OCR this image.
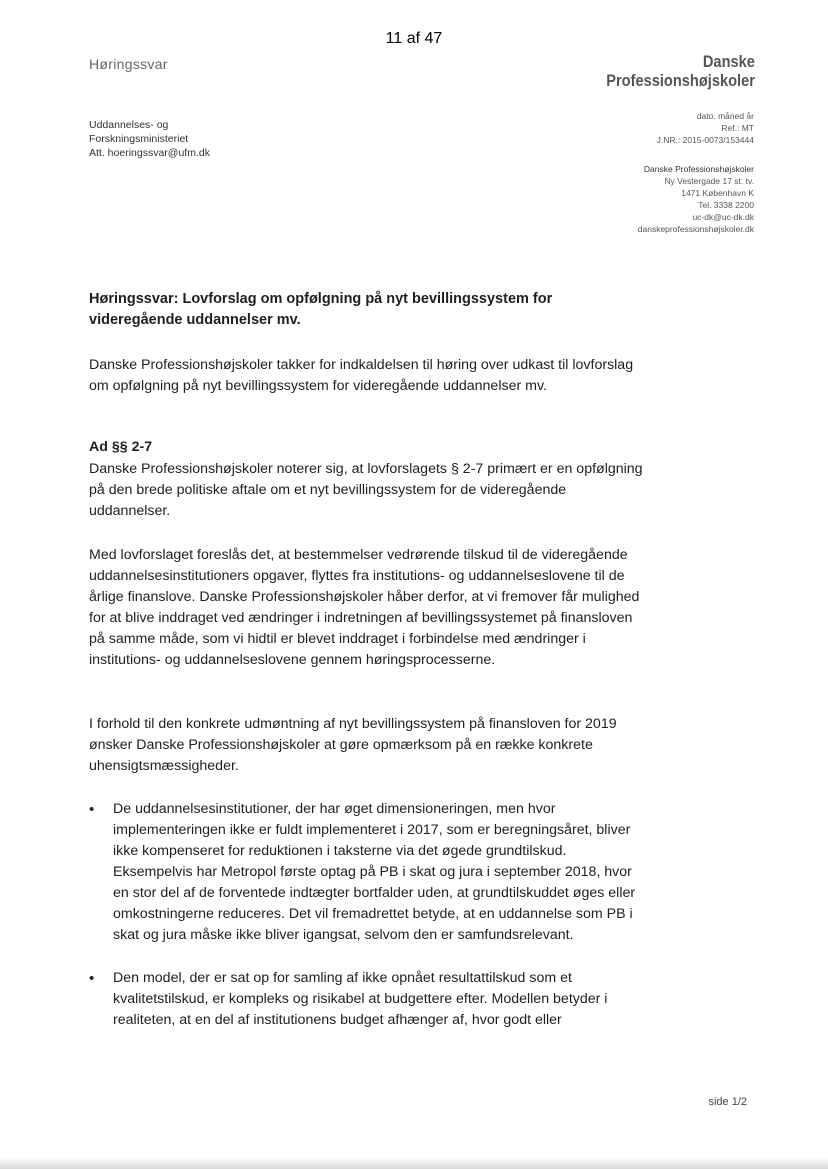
11 af 47
Høringssvar	Danske
Professionshøjskoler
Uddannelses- og
Forskningsministeriet
Att. hoeringssvar@ufm.dk
dato. måned år
Ref.: MT
J.NR.: 2015-0073/153444
Danske Professionshøjskoler
Ny Vestergade 17 st. tv.
1471 København K
Tel. 3338 2200
uc-dk@uc-dk.dk
danskeprofessionshøjskoler.dk
Høringssvar: Lovforslag om opfølgning på nyt bevillingssystem for videregående uddannelser mv.
Danske Professionshøjskoler takker for indkaldelsen til høring over udkast til lovforslag om opfølgning på nyt bevillingssystem for videregående uddannelser mv.
Ad §§ 2-7
Danske Professionshøjskoler noterer sig, at lovforslagets § 2-7 primært er en opfølgning på den brede politiske aftale om et nyt bevillingssystem for de videregående uddannelser.
Med lovforslaget foreslås det, at bestemmelser vedrørende tilskud til de videregående uddannelsesinstitutioners opgaver, flyttes fra institutions- og uddannelseslovene til de årlige finanslove. Danske Professionshøjskoler håber derfor, at vi fremover får mulighed for at blive inddraget ved ændringer i indretningen af bevillingssystemet på finansloven på samme måde, som vi hidtil er blevet inddraget i forbindelse med ændringer i institutions- og uddannelseslovene gennem høringsprocesserne.
I forhold til den konkrete udmøntning af nyt bevillingssystem på finansloven for 2019 ønsker Danske Professionshøjskoler at gøre opmærksom på en række konkrete uhensigtsmæssigheder.
•	De uddannelsesinstitutioner, der har øget dimensioneringen, men hvor implementeringen ikke er fuldt implementeret i 2017, som er beregningsåret, bliver ikke kompenseret for reduktionen i taksterne via det øgede grundtilskud. Eksempelvis har Metropol første optag på PB i skat og jura i september 2018, hvor en stor del af de forventede indtægter bortfalder uden, at grundtilskuddet øges eller omkostningerne reduceres. Det vil fremadrettet betyde, at en uddannelse som PB i skat og jura måske ikke bliver igangsat, selvom den er samfundsrelevant.
•	Den model, der er sat op for samling af ikke opnået resultattilskud som et kvalitetstilskud, er kompleks og risikabel at budgettere efter. Modellen betyder i realiteten, at en del af institutionens budget afhænger af, hvor godt eller
side 1/2
